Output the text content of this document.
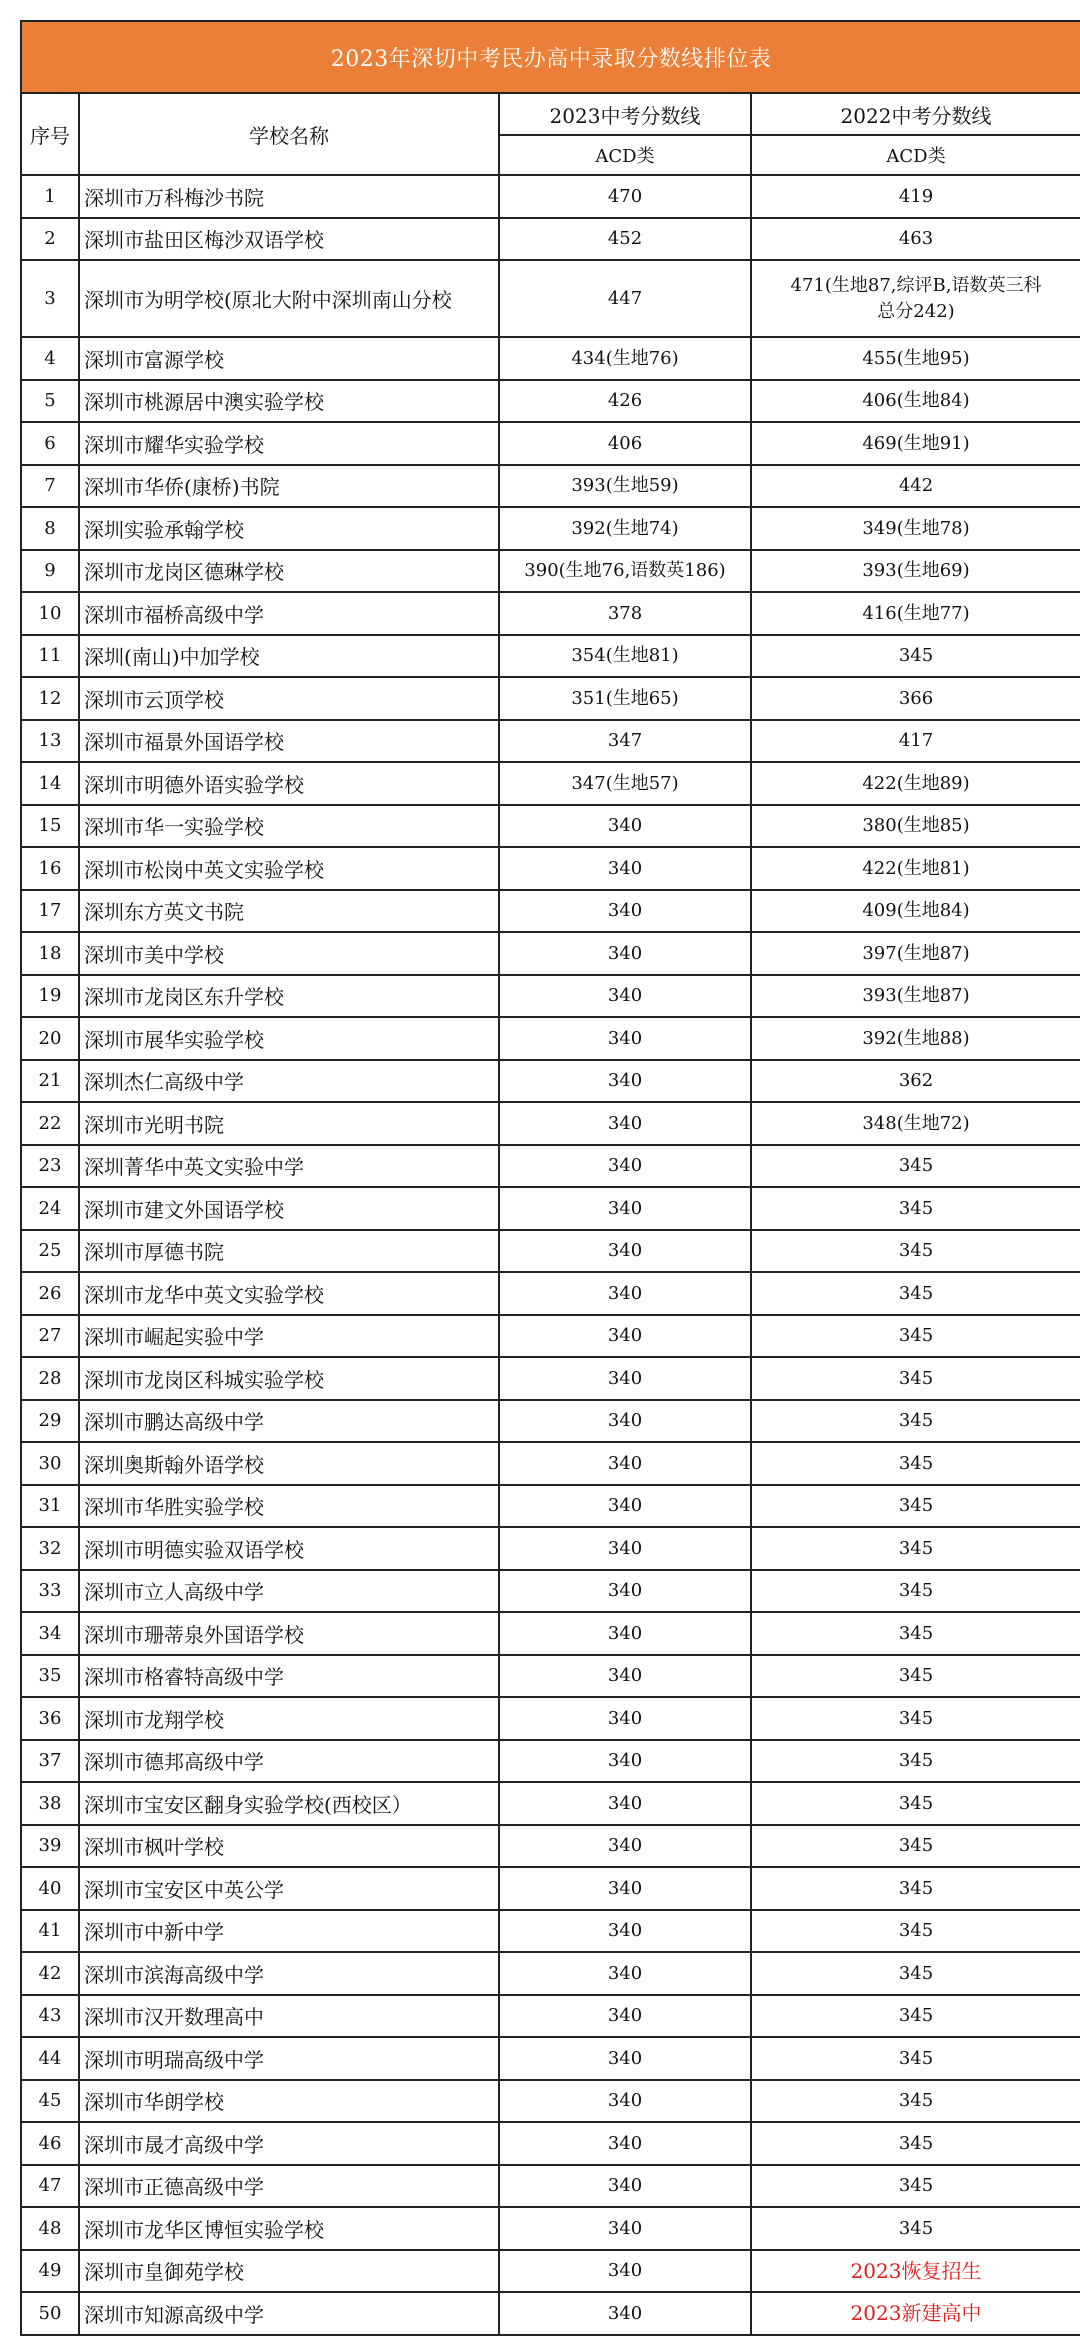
2023年深切中考民办高中录取分数线排位表			
序号	学校名称	2023中考分数线	2022中考分数线
		ACD类	ACD类
1	深圳市万科梅沙书院	470	419
2	深圳市盐田区梅沙双语学校	452	463
3	深圳市为明学校(原北大附中深圳南山分校	447	471(生地87,综评B,语数英三科总分242)
4	深圳市富源学校	434(生地76)	455(生地95)
5	深圳市桃源居中澳实验学校	426	406(生地84)
6	深圳市耀华实验学校	406	469(生地91)
7	深圳市华侨(康桥)书院	393(生地59)	442
8	深圳实验承翰学校	392(生地74)	349(生地78)
9	深圳市龙岗区德琳学校	390(生地76,语数英186)	393(生地69)
10	深圳市福桥高级中学	378	416(生地77)
11	深圳(南山)中加学校	354(生地81)	345
12	深圳市云顶学校	351(生地65)	366
13	深圳市福景外国语学校	347	417
14	深圳市明德外语实验学校	347(生地57)	422(生地89)
15	深圳市华一实验学校	340	380(生地85)
16	深圳市松岗中英文实验学校	340	422(生地81)
17	深圳东方英文书院	340	409(生地84)
18	深圳市美中学校	340	397(生地87)
19	深圳市龙岗区东升学校	340	393(生地87)
20	深圳市展华实验学校	340	392(生地88)
21	深圳杰仁高级中学	340	362
22	深圳市光明书院	340	348(生地72)
23	深圳菁华中英文实验中学	340	345
24	深圳市建文外国语学校	340	345
25	深圳市厚德书院	340	345
26	深圳市龙华中英文实验学校	340	345
27	深圳市崛起实验中学	340	345
28	深圳市龙岗区科城实验学校	340	345
29	深圳市鹏达高级中学	340	345
30	深圳奥斯翰外语学校	340	345
31	深圳市华胜实验学校	340	345
32	深圳市明德实验双语学校	340	345
33	深圳市立人高级中学	340	345
34	深圳市珊蒂泉外国语学校	340	345
35	深圳市格睿特高级中学	340	345
36	深圳市龙翔学校	340	345
37	深圳市德邦高级中学	340	345
38	深圳市宝安区翻身实验学校(西校区）	340	345
39	深圳市枫叶学校	340	345
40	深圳市宝安区中英公学	340	345
41	深圳市中新中学	340	345
42	深圳市滨海高级中学	340	345
43	深圳市汉开数理高中	340	345
44	深圳市明瑞高级中学	340	345
45	深圳市华朗学校	340	345
46	深圳市晟才高级中学	340	345
47	深圳市正德高级中学	340	345
48	深圳市龙华区博恒实验学校	340	345
49	深圳市皇御苑学校	340	2023恢复招生
50	深圳市知源高级中学	340	2023新建高中
